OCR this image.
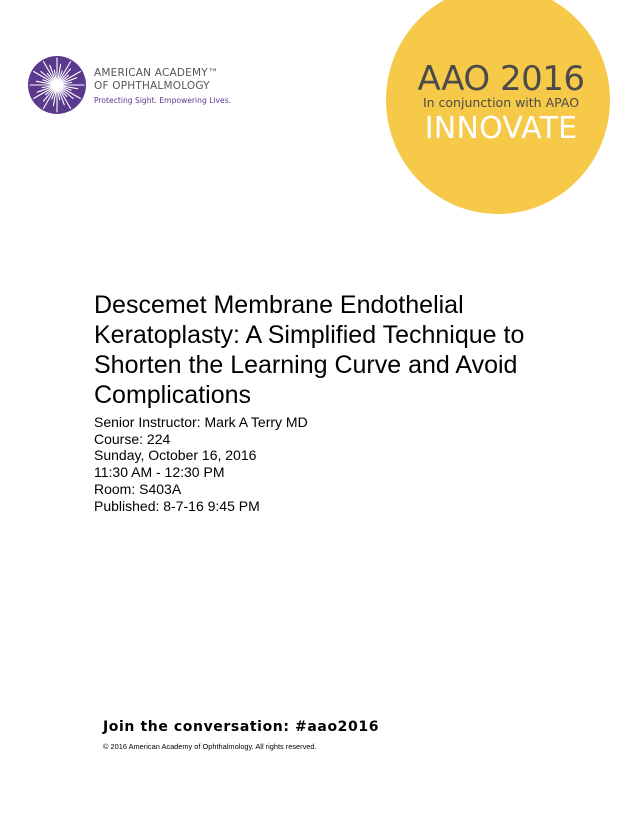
AMERICAN ACADEMY™
OF OPHTHALMOLOGY
Protecting Sight. Empowering Lives.
AAO 2016
In conjunction with APAO
INNOVATE
Descemet Membrane Endothelial
Keratoplasty: A Simplified Technique to
Shorten the Learning Curve and Avoid
Complications
Senior Instructor: Mark A Terry MD
Course: 224
Sunday, October 16, 2016
11:30 AM - 12:30 PM
Room: S403A
Published: 8-7-16 9:45 PM
Join the conversation: #aao2016
© 2016 American Academy of Ophthalmology. All rights reserved.
